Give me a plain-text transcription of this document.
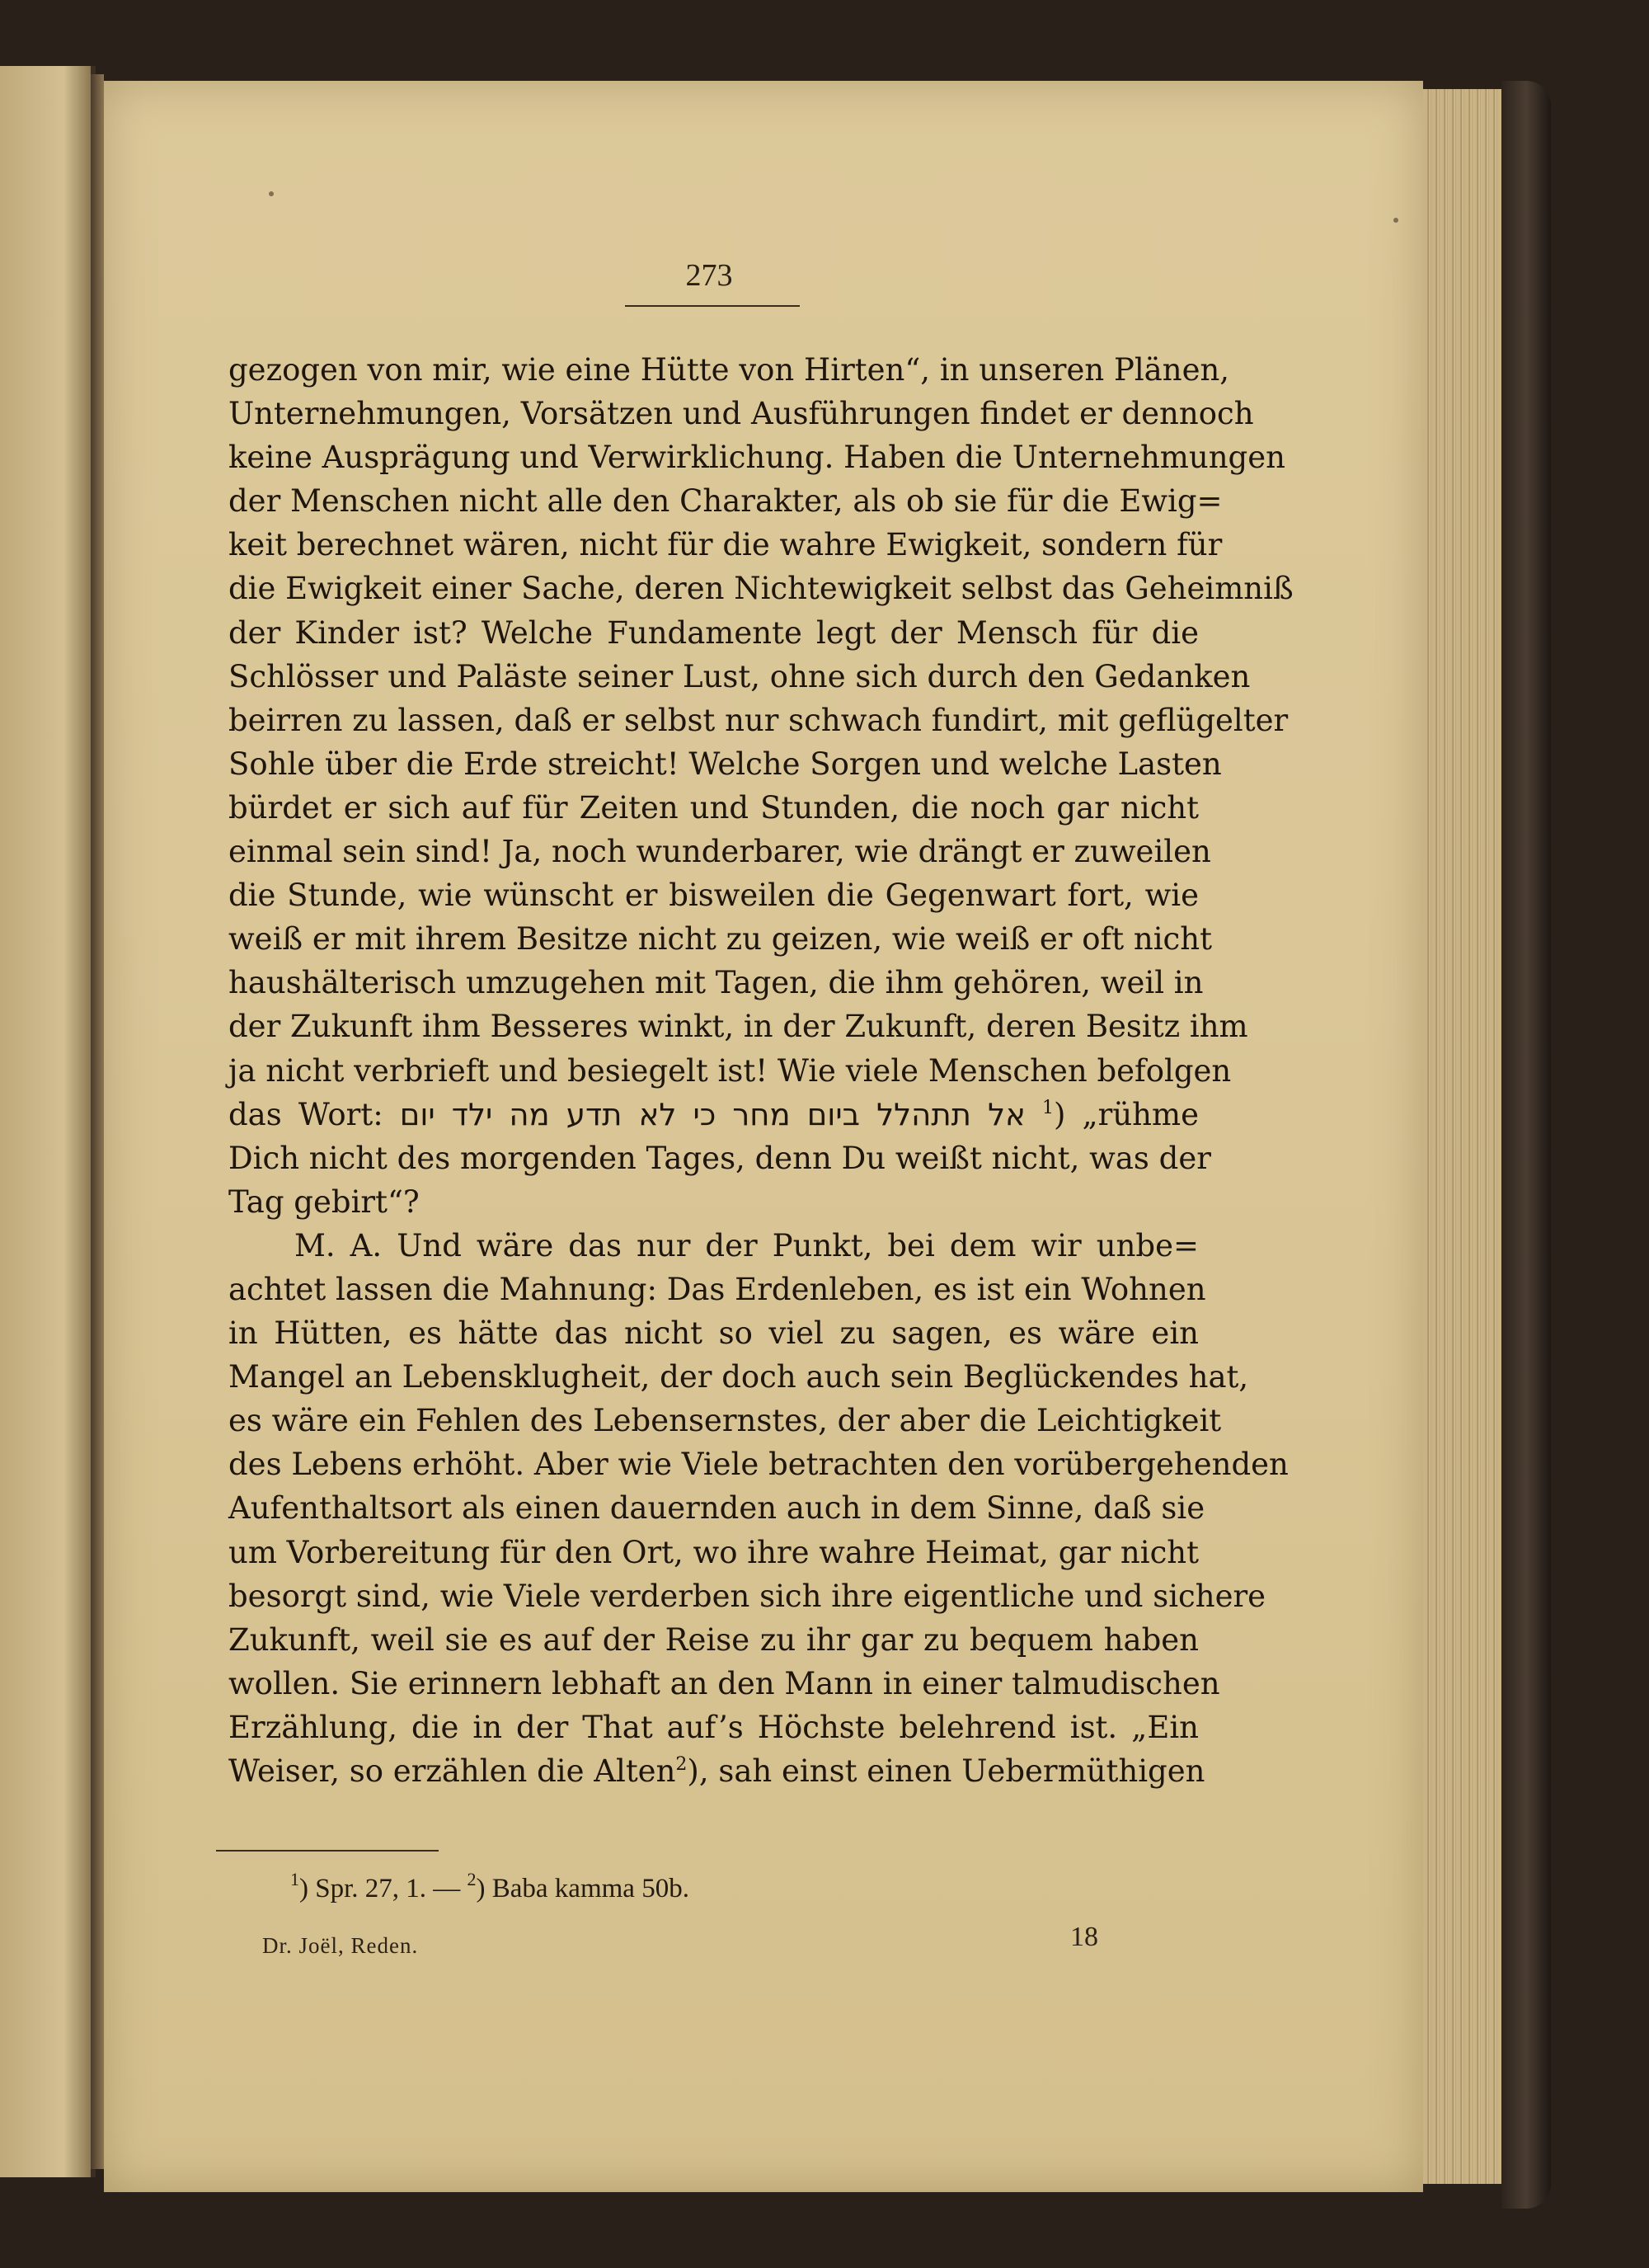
273
gezogen von mir, wie eine Hütte von Hirten“, in unseren Plänen,
Unternehmungen, Vorsätzen und Ausführungen findet er dennoch
keine Ausprägung und Verwirklichung. Haben die Unternehmungen
der Menschen nicht alle den Charakter, als ob sie für die Ewig=
keit berechnet wären, nicht für die wahre Ewigkeit, sondern für
die Ewigkeit einer Sache, deren Nichtewigkeit selbst das Geheimniß
der Kinder ist? Welche Fundamente legt der Mensch für die
Schlösser und Paläste seiner Lust, ohne sich durch den Gedanken
beirren zu lassen, daß er selbst nur schwach fundirt, mit geflügelter
Sohle über die Erde streicht! Welche Sorgen und welche Lasten
bürdet er sich auf für Zeiten und Stunden, die noch gar nicht
einmal sein sind! Ja, noch wunderbarer, wie drängt er zuweilen
die Stunde, wie wünscht er bisweilen die Gegenwart fort, wie
weiß er mit ihrem Besitze nicht zu geizen, wie weiß er oft nicht
haushälterisch umzugehen mit Tagen, die ihm gehören, weil in
der Zukunft ihm Besseres winkt, in der Zukunft, deren Besitz ihm
ja nicht verbrieft und besiegelt ist! Wie viele Menschen befolgen
das Wort: אל תתהלל ביום מחר כי לא תדע מה ילד יום $^1$) „rühme
Dich nicht des morgenden Tages, denn Du weißt nicht, was der
Tag gebirt“?
M. A. Und wäre das nur der Punkt, bei dem wir unbe=
achtet lassen die Mahnung: Das Erdenleben, es ist ein Wohnen
in Hütten, es hätte das nicht so viel zu sagen, es wäre ein
Mangel an Lebensklugheit, der doch auch sein Beglückendes hat,
es wäre ein Fehlen des Lebensernstes, der aber die Leichtigkeit
des Lebens erhöht. Aber wie Viele betrachten den vorübergehenden
Aufenthaltsort als einen dauernden auch in dem Sinne, daß sie
um Vorbereitung für den Ort, wo ihre wahre Heimat, gar nicht
besorgt sind, wie Viele verderben sich ihre eigentliche und sichere
Zukunft, weil sie es auf der Reise zu ihr gar zu bequem haben
wollen. Sie erinnern lebhaft an den Mann in einer talmudischen
Erzählung, die in der That auf’s Höchste belehrend ist. „Ein
Weiser, so erzählen die Alten$^2$), sah einst einen Uebermüthigen
$^1$) Spr. 27, 1. — $^2$) Baba kamma 50b.
Dr. Joël, Reden.	18
